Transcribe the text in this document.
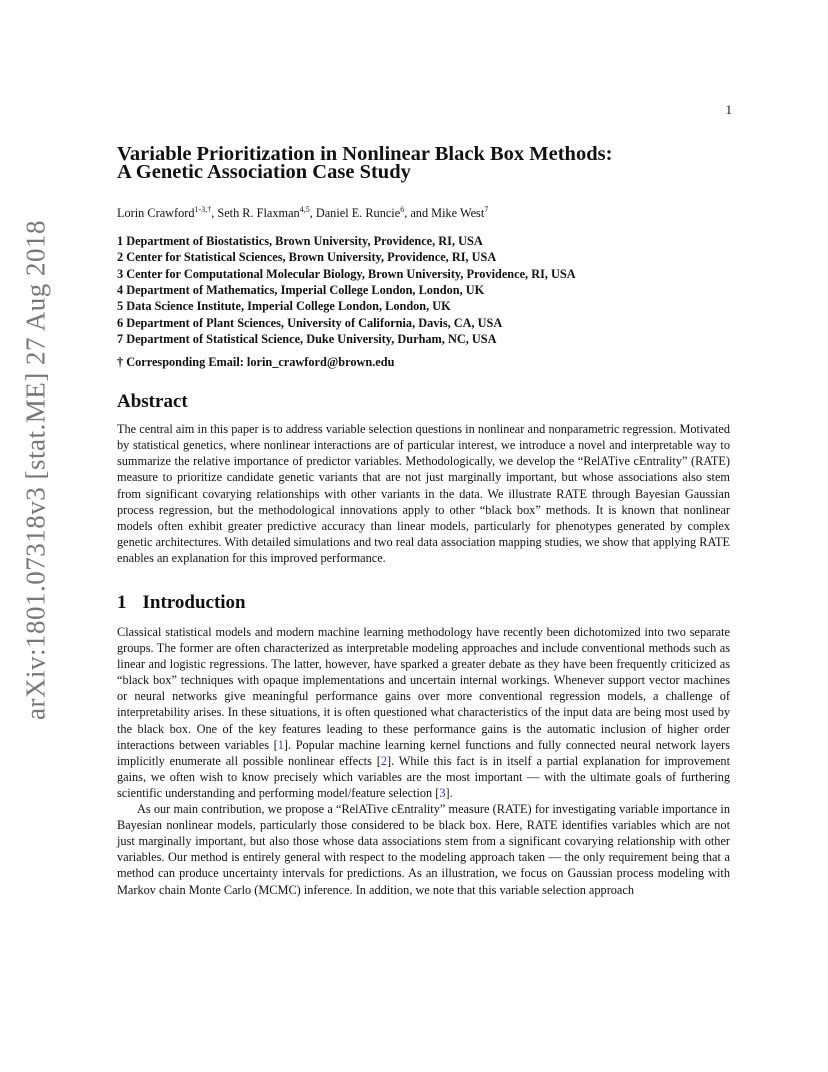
1
arXiv:1801.07318v3 [stat.ME] 27 Aug 2018
Variable Prioritization in Nonlinear Black Box Methods:
A Genetic Association Case Study
Lorin Crawford$^{1-3,\dagger}$, Seth R. Flaxman$^{4,5}$, Daniel E. Runcie$^6$, and Mike West$^7$
1 Department of Biostatistics, Brown University, Providence, RI, USA
2 Center for Statistical Sciences, Brown University, Providence, RI, USA
3 Center for Computational Molecular Biology, Brown University, Providence, RI, USA
4 Department of Mathematics, Imperial College London, London, UK
5 Data Science Institute, Imperial College London, London, UK
6 Department of Plant Sciences, University of California, Davis, CA, USA
7 Department of Statistical Science, Duke University, Durham, NC, USA
† Corresponding Email: lorin_crawford@brown.edu
Abstract

The central aim in this paper is to address variable selection questions in nonlinear and nonparametric regression. Motivated by statistical genetics, where nonlinear interactions are of particular interest, we introduce a novel and interpretable way to summarize the relative importance of predictor variables. Methodologically, we develop the “RelATive cEntrality” (RATE) measure to prioritize candidate genetic variants that are not just marginally important, but whose associations also stem from significant covarying relationships with other variants in the data. We illustrate RATE through Bayesian Gaussian process regression, but the methodological innovations apply to other “black box” methods. It is known that nonlinear models often exhibit greater predictive accuracy than linear models, particularly for phenotypes generated by complex genetic architectures. With detailed simulations and two real data association mapping studies, we show that applying RATE enables an explanation for this improved performance.

1 Introduction

Classical statistical models and modern machine learning methodology have recently been dichotomized into two separate groups. The former are often characterized as interpretable modeling approaches and include conventional methods such as linear and logistic regressions. The latter, however, have sparked a greater debate as they have been frequently criticized as “black box” techniques with opaque implementations and uncertain internal workings. Whenever support vector machines or neural networks give meaningful performance gains over more conventional regression models, a challenge of interpretability arises. In these situations, it is often questioned what characteristics of the input data are being most used by the black box. One of the key features leading to these performance gains is the automatic inclusion of higher order interactions between variables [1]. Popular machine learning kernel functions and fully connected neural network layers implicitly enumerate all possible nonlinear effects [2]. While this fact is in itself a partial explanation for improvement gains, we often wish to know precisely which variables are the most important — with the ultimate goals of furthering scientific understanding and performing model/feature selection [3].

As our main contribution, we propose a “RelATive cEntrality” measure (RATE) for investigating variable importance in Bayesian nonlinear models, particularly those considered to be black box. Here, RATE identifies variables which are not just marginally important, but also those whose data associations stem from a significant covarying relationship with other variables. Our method is entirely general with respect to the modeling approach taken — the only requirement being that a method can produce uncertainty intervals for predictions. As an illustration, we focus on Gaussian process modeling with Markov chain Monte Carlo (MCMC) inference. In addition, we note that this variable selection approach
